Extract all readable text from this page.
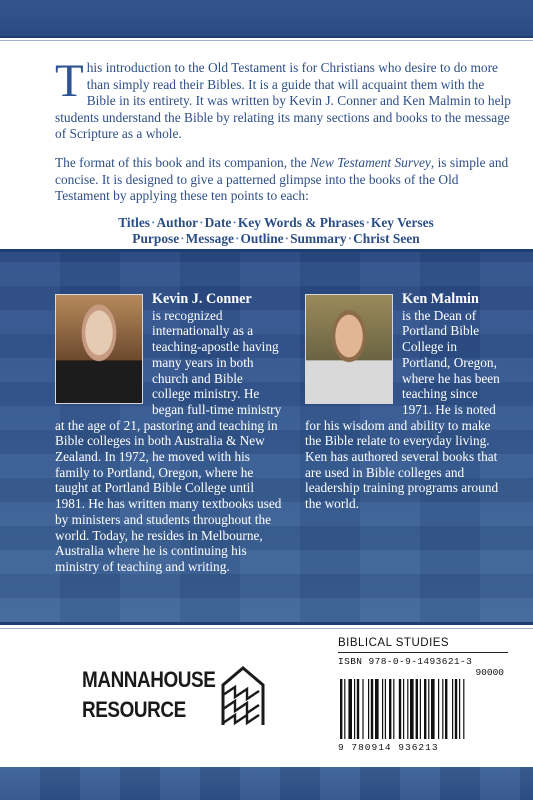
This introduction to the Old Testament is for Christians who desire to do more than simply read their Bibles. It is a guide that will acquaint them with the Bible in its entirety. It was written by Kevin J. Conner and Ken Malmin to help students understand the Bible by relating its many sections and books to the message of Scripture as a whole.

The format of this book and its companion, the New Testament Survey, is simple and concise. It is designed to give a patterned glimpse into the books of the Old Testament by applying these ten points to each:

Titles·Author·Date·Key Words & Phrases·Key Verses
Purpose·Message·Outline·Summary·Christ Seen
Kevin J. Conner
is recognized internationally as a teaching-apostle having many years in both church and Bible college ministry. He began full-time ministry at the age of 21, pastoring and teaching in Bible colleges in both Australia & New Zealand. In 1972, he moved with his family to Portland, Oregon, where he taught at Portland Bible College until 1981. He has written many textbooks used by ministers and students throughout the world. Today, he resides in Melbourne, Australia where he is continuing his ministry of teaching and writing.
Ken Malmin
is the Dean of Portland Bible College in Portland, Oregon, where he has been teaching since 1971. He is noted for his wisdom and ability to make the Bible relate to everyday living. Ken has authored several books that are used in Bible colleges and leadership training programs around the world.
MANNAHOUSE
RESOURCE
BIBLICAL STUDIES
ISBN 978-0-9-1493621-3
90000
9 780914 936213
